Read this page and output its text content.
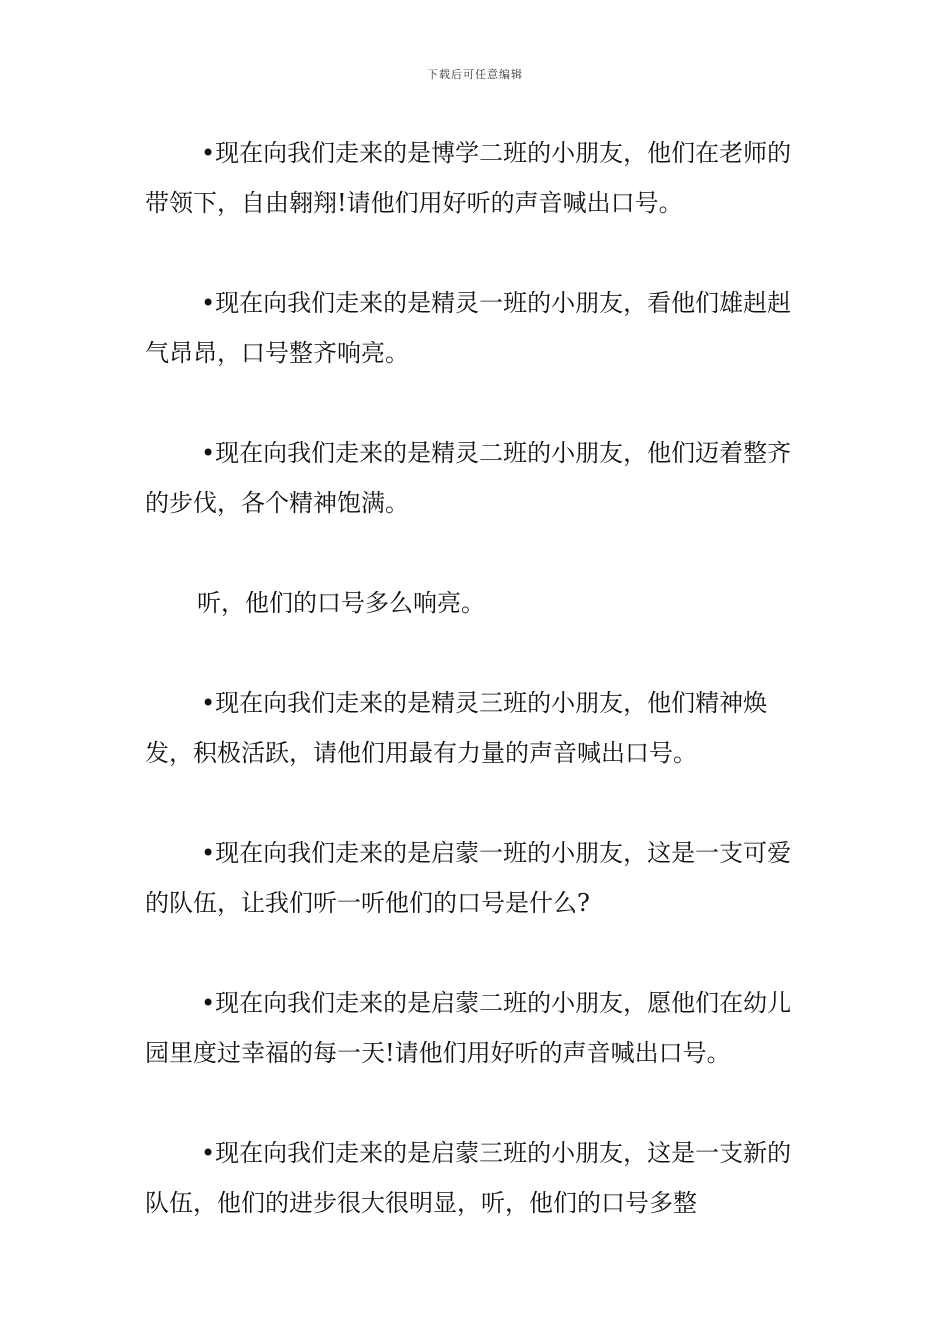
下载后可任意编辑

•现在向我们走来的是博学二班的小朋友，他们在老师的带领下，自由翱翔!请他们用好听的声音喊出口号。

•现在向我们走来的是精灵一班的小朋友，看他们雄赳赳气昂昂，口号整齐响亮。

•现在向我们走来的是精灵二班的小朋友，他们迈着整齐的步伐，各个精神饱满。

听，他们的口号多么响亮。

•现在向我们走来的是精灵三班的小朋友，他们精神焕发，积极活跃，请他们用最有力量的声音喊出口号。

•现在向我们走来的是启蒙一班的小朋友，这是一支可爱的队伍，让我们听一听他们的口号是什么?

•现在向我们走来的是启蒙二班的小朋友，愿他们在幼儿园里度过幸福的每一天!请他们用好听的声音喊出口号。

•现在向我们走来的是启蒙三班的小朋友，这是一支新的队伍，他们的进步很大很明显，听，他们的口号多整
